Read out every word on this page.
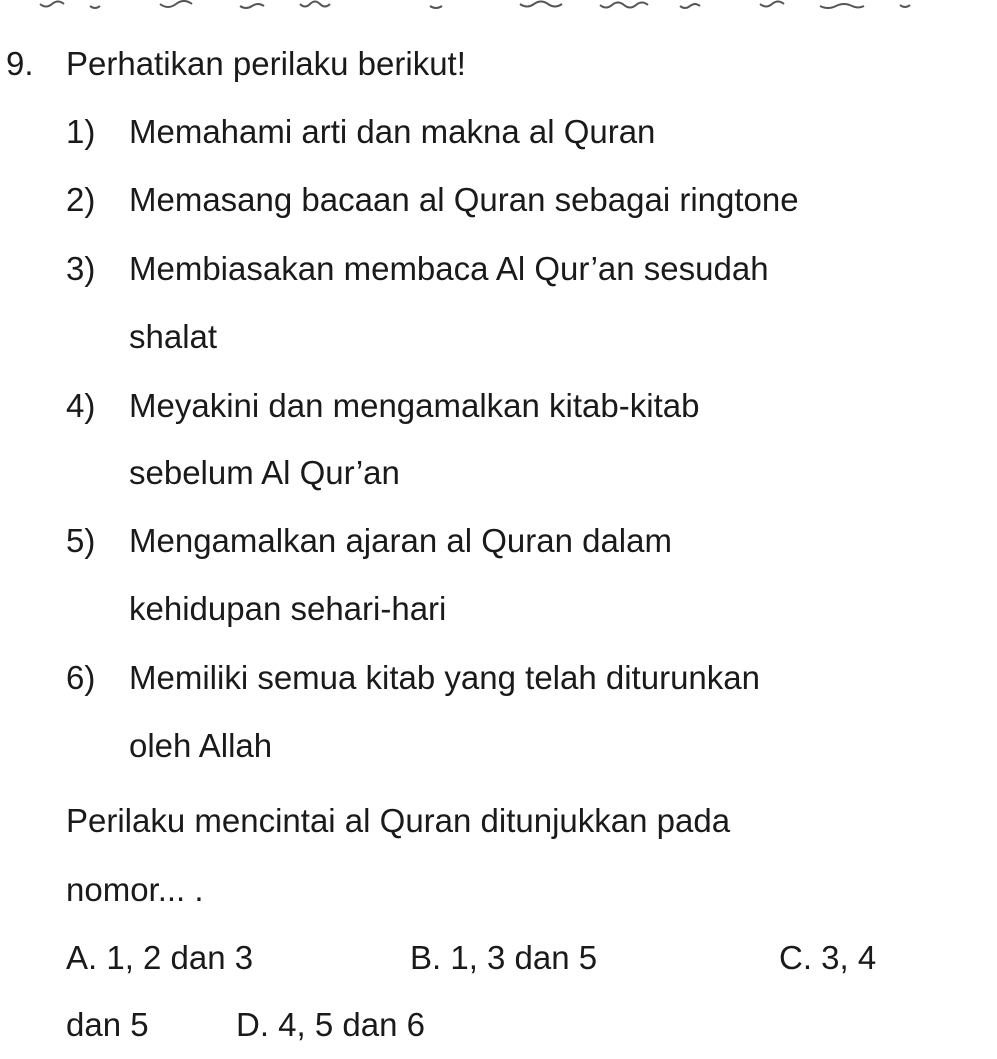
9. Perhatikan perilaku berikut!
1) Memahami arti dan makna al Quran
2) Memasang bacaan al Quran sebagai ringtone
3) Membiasakan membaca Al Qur’an sesudah
shalat
4) Meyakini dan mengamalkan kitab-kitab
sebelum Al Qur’an
5) Mengamalkan ajaran al Quran dalam
kehidupan sehari-hari
6) Memiliki semua kitab yang telah diturunkan
oleh Allah
Perilaku mencintai al Quran ditunjukkan pada
nomor... .
A. 1, 2 dan 3	B. 1, 3 dan 5	C. 3, 4
dan 5	D. 4, 5 dan 6
